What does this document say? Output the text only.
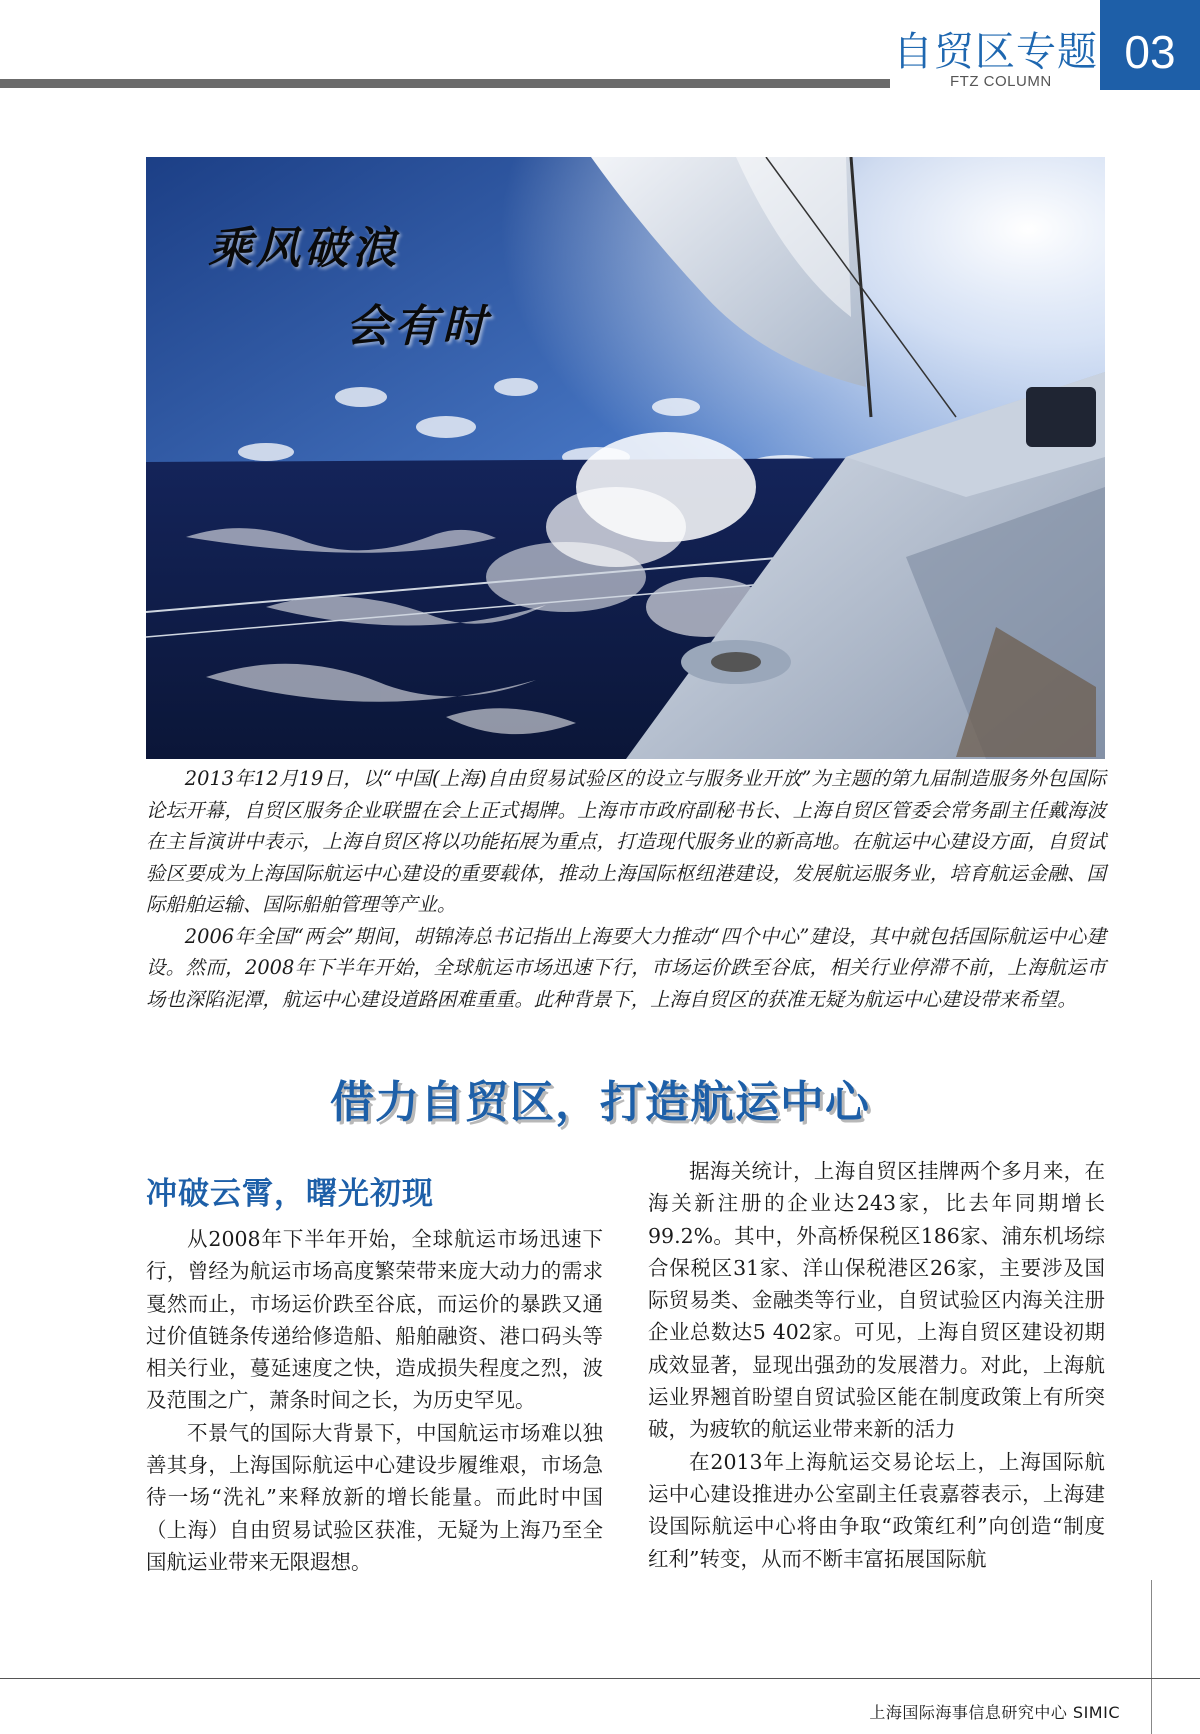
自贸区专题
FTZ COLUMN
03
乘风破浪
会有时

2013年12月19日，以“中国(上海)自由贸易试验区的设立与服务业开放”为主题的第九届制造服务外包国际论坛开幕，自贸区服务企业联盟在会上正式揭牌。上海市市政府副秘书长、上海自贸区管委会常务副主任戴海波在主旨演讲中表示，上海自贸区将以功能拓展为重点，打造现代服务业的新高地。在航运中心建设方面，自贸试验区要成为上海国际航运中心建设的重要载体，推动上海国际枢纽港建设，发展航运服务业，培育航运金融、国际船舶运输、国际船舶管理等产业。

2006年全国“两会”期间，胡锦涛总书记指出上海要大力推动“四个中心”建设，其中就包括国际航运中心建设。然而，2008年下半年开始，全球航运市场迅速下行，市场运价跌至谷底，相关行业停滞不前，上海航运市场也深陷泥潭，航运中心建设道路困难重重。此种背景下，上海自贸区的获准无疑为航运中心建设带来希望。

借力自贸区，打造航运中心
冲破云霄，曙光初现

从2008年下半年开始，全球航运市场迅速下行，曾经为航运市场高度繁荣带来庞大动力的需求戛然而止，市场运价跌至谷底，而运价的暴跌又通过价值链条传递给修造船、船舶融资、港口码头等相关行业，蔓延速度之快，造成损失程度之烈，波及范围之广，萧条时间之长，为历史罕见。

不景气的国际大背景下，中国航运市场难以独善其身，上海国际航运中心建设步履维艰，市场急待一场“洗礼”来释放新的增长能量。而此时中国（上海）自由贸易试验区获准，无疑为上海乃至全国航运业带来无限遐想。

据海关统计，上海自贸区挂牌两个多月来，在海关新注册的企业达243家，比去年同期增长99.2%。其中，外高桥保税区186家、浦东机场综合保税区31家、洋山保税港区26家，主要涉及国际贸易类、金融类等行业，自贸试验区内海关注册企业总数达5 402家。可见，上海自贸区建设初期成效显著，显现出强劲的发展潜力。对此，上海航运业界翘首盼望自贸试验区能在制度政策上有所突破，为疲软的航运业带来新的活力

在2013年上海航运交易论坛上，上海国际航运中心建设推进办公室副主任袁嘉蓉表示，上海建设国际航运中心将由争取“政策红利”向创造“制度红利”转变，从而不断丰富拓展国际航

上海国际海事信息研究中心 SIMIC
